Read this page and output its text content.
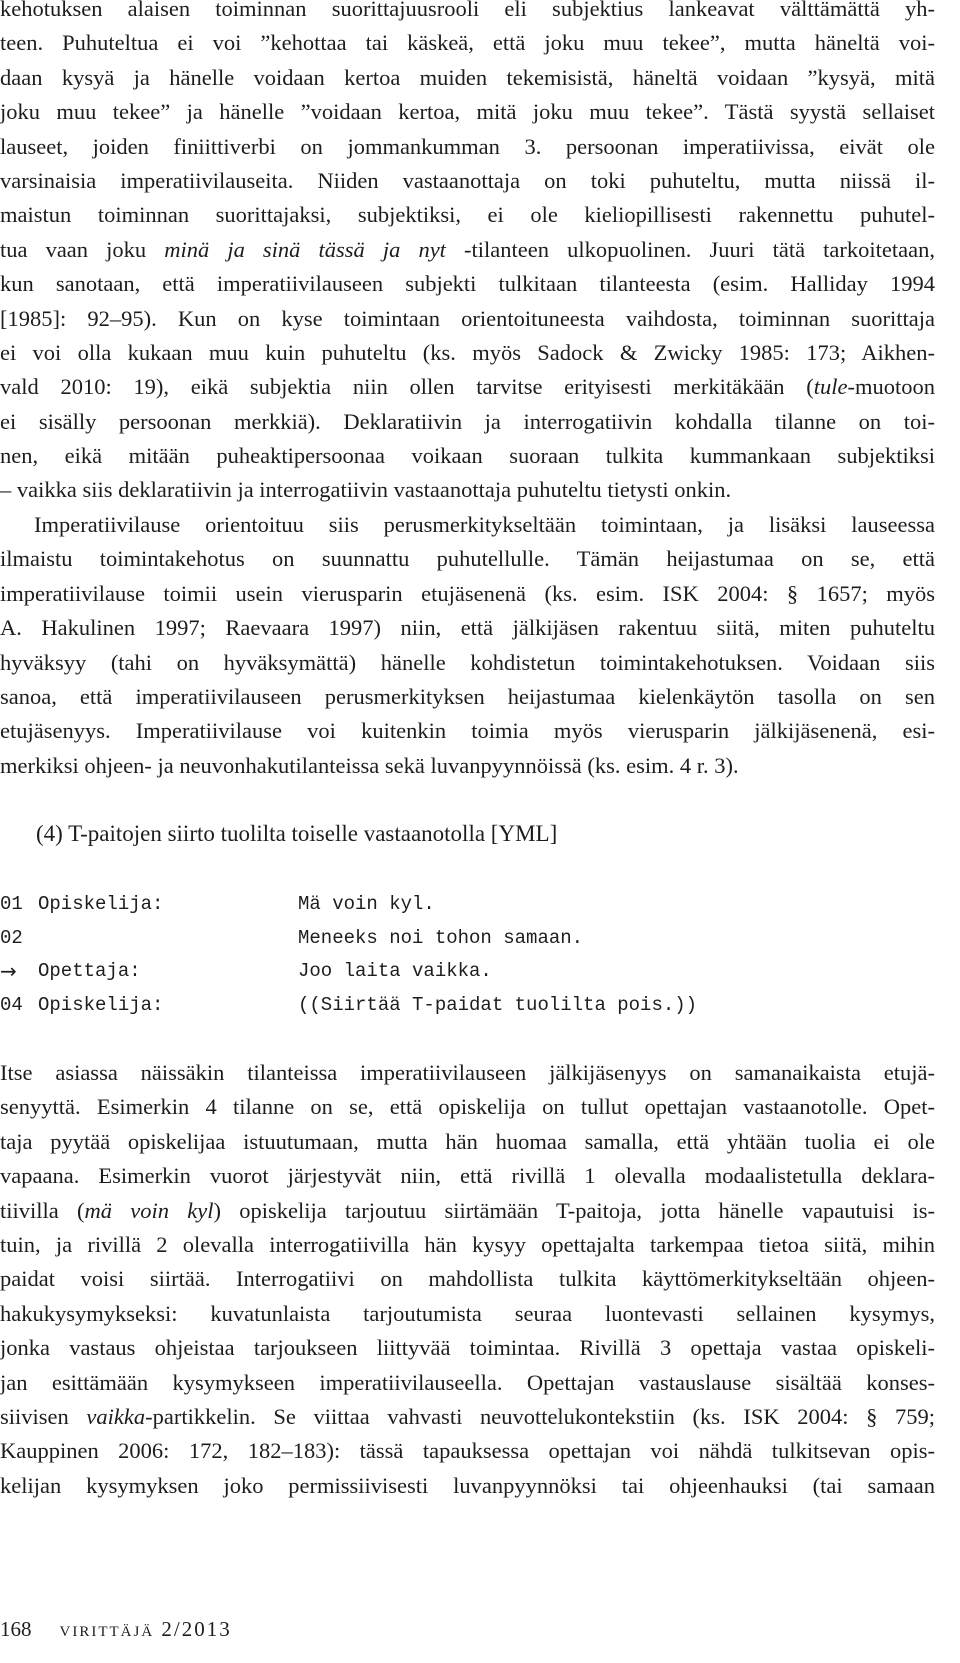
kehotuksen alaisen toiminnan suorittajuusrooli eli subjektius lankeavat välttämättä yh-
teen. Puhuteltua ei voi ”kehottaa tai käskeä, että joku muu tekee”, mutta häneltä voi-
daan kysyä ja hänelle voidaan kertoa muiden tekemisistä, häneltä voidaan ”kysyä, mitä
joku muu tekee” ja hänelle ”voidaan kertoa, mitä joku muu tekee”. Tästä syystä sellaiset
lauseet, joiden finiittiverbi on jommankumman 3. persoonan imperatiivissa, eivät ole
varsinaisia imperatiivilauseita. Niiden vastaanottaja on toki puhuteltu, mutta niissä il-
maistun toiminnan suorittajaksi, subjektiksi, ei ole kieliopillisesti rakennettu puhutel-
tua vaan joku minä ja sinä tässä ja nyt -tilanteen ulkopuolinen. Juuri tätä tarkoitetaan,
kun sanotaan, että imperatiivilauseen subjekti tulkitaan tilanteesta (esim. Halliday 1994
[1985]: 92–95). Kun on kyse toimintaan orientoituneesta vaihdosta, toiminnan suorittaja
ei voi olla kukaan muu kuin puhuteltu (ks. myös Sadock & Zwicky 1985: 173; Aikhen-
vald 2010: 19), eikä subjektia niin ollen tarvitse erityisesti merkitäkään (tule-muotoon
ei sisälly persoonan merkkiä). Deklaratiivin ja interrogatiivin kohdalla tilanne on toi-
nen, eikä mitään puheaktipersoonaa voikaan suoraan tulkita kummankaan subjektiksi
– vaikka siis deklaratiivin ja interrogatiivin vastaanottaja puhuteltu tietysti onkin.
Imperatiivilause orientoituu siis perusmerkitykseltään toimintaan, ja lisäksi lauseessa
ilmaistu toimintakehotus on suunnattu puhutellulle. Tämän heijastumaa on se, että
imperatiivilause toimii usein vierusparin etujäsenenä (ks. esim. ISK 2004: § 1657; myös
A. Hakulinen 1997; Raevaara 1997) niin, että jälkijäsen rakentuu siitä, miten puhuteltu
hyväksyy (tahi on hyväksymättä) hänelle kohdistetun toimintakehotuksen. Voidaan siis
sanoa, että imperatiivilauseen perusmerkityksen heijastumaa kielenkäytön tasolla on sen
etujäsenyys. Imperatiivilause voi kuitenkin toimia myös vierusparin jälkijäsenenä, esi-
merkiksi ohjeen- ja neuvonhakutilanteissa sekä luvanpyynnöissä (ks. esim. 4 r. 3).
(4) T-paitojen siirto tuolilta toiselle vastaanotolla [YML]
01 Opiskelija:	Mä voin kyl.
02	Meneeks noi tohon samaan.
→ Opettaja:	Joo laita vaikka.
04 Opiskelija:	((Siirtää T-paidat tuolilta pois.))
Itse asiassa näissäkin tilanteissa imperatiivilauseen jälkijäsenyys on samanaikaista etujä-
senyyttä. Esimerkin 4 tilanne on se, että opiskelija on tullut opettajan vastaanotolle. Opet-
taja pyytää opiskelijaa istuutumaan, mutta hän huomaa samalla, että yhtään tuolia ei ole
vapaana. Esimerkin vuorot järjestyvät niin, että rivillä 1 olevalla modaalistetulla deklara-
tiivilla (mä voin kyl) opiskelija tarjoutuu siirtämään T-paitoja, jotta hänelle vapautuisi is-
tuin, ja rivillä 2 olevalla interrogatiivilla hän kysyy opettajalta tarkempaa tietoa siitä, mihin
paidat voisi siirtää. Interrogatiivi on mahdollista tulkita käyttömerkitykseltään ohjeen-
hakukysymykseksi: kuvatunlaista tarjoutumista seuraa luontevasti sellainen kysymys,
jonka vastaus ohjeistaa tarjoukseen liittyvää toimintaa. Rivillä 3 opettaja vastaa opiskeli-
jan esittämään kysymykseen imperatiivilauseella. Opettajan vastauslause sisältää konses-
siivisen vaikka-partikkelin. Se viittaa vahvasti neuvottelukontekstiin (ks. ISK 2004: § 759;
Kauppinen 2006: 172, 182–183): tässä tapauksessa opettajan voi nähdä tulkitsevan opis-
kelijan kysymyksen joko permissiivisesti luvanpyynnöksi tai ohjeenhauksi (tai samaan
168 virittäjä 2/2013
